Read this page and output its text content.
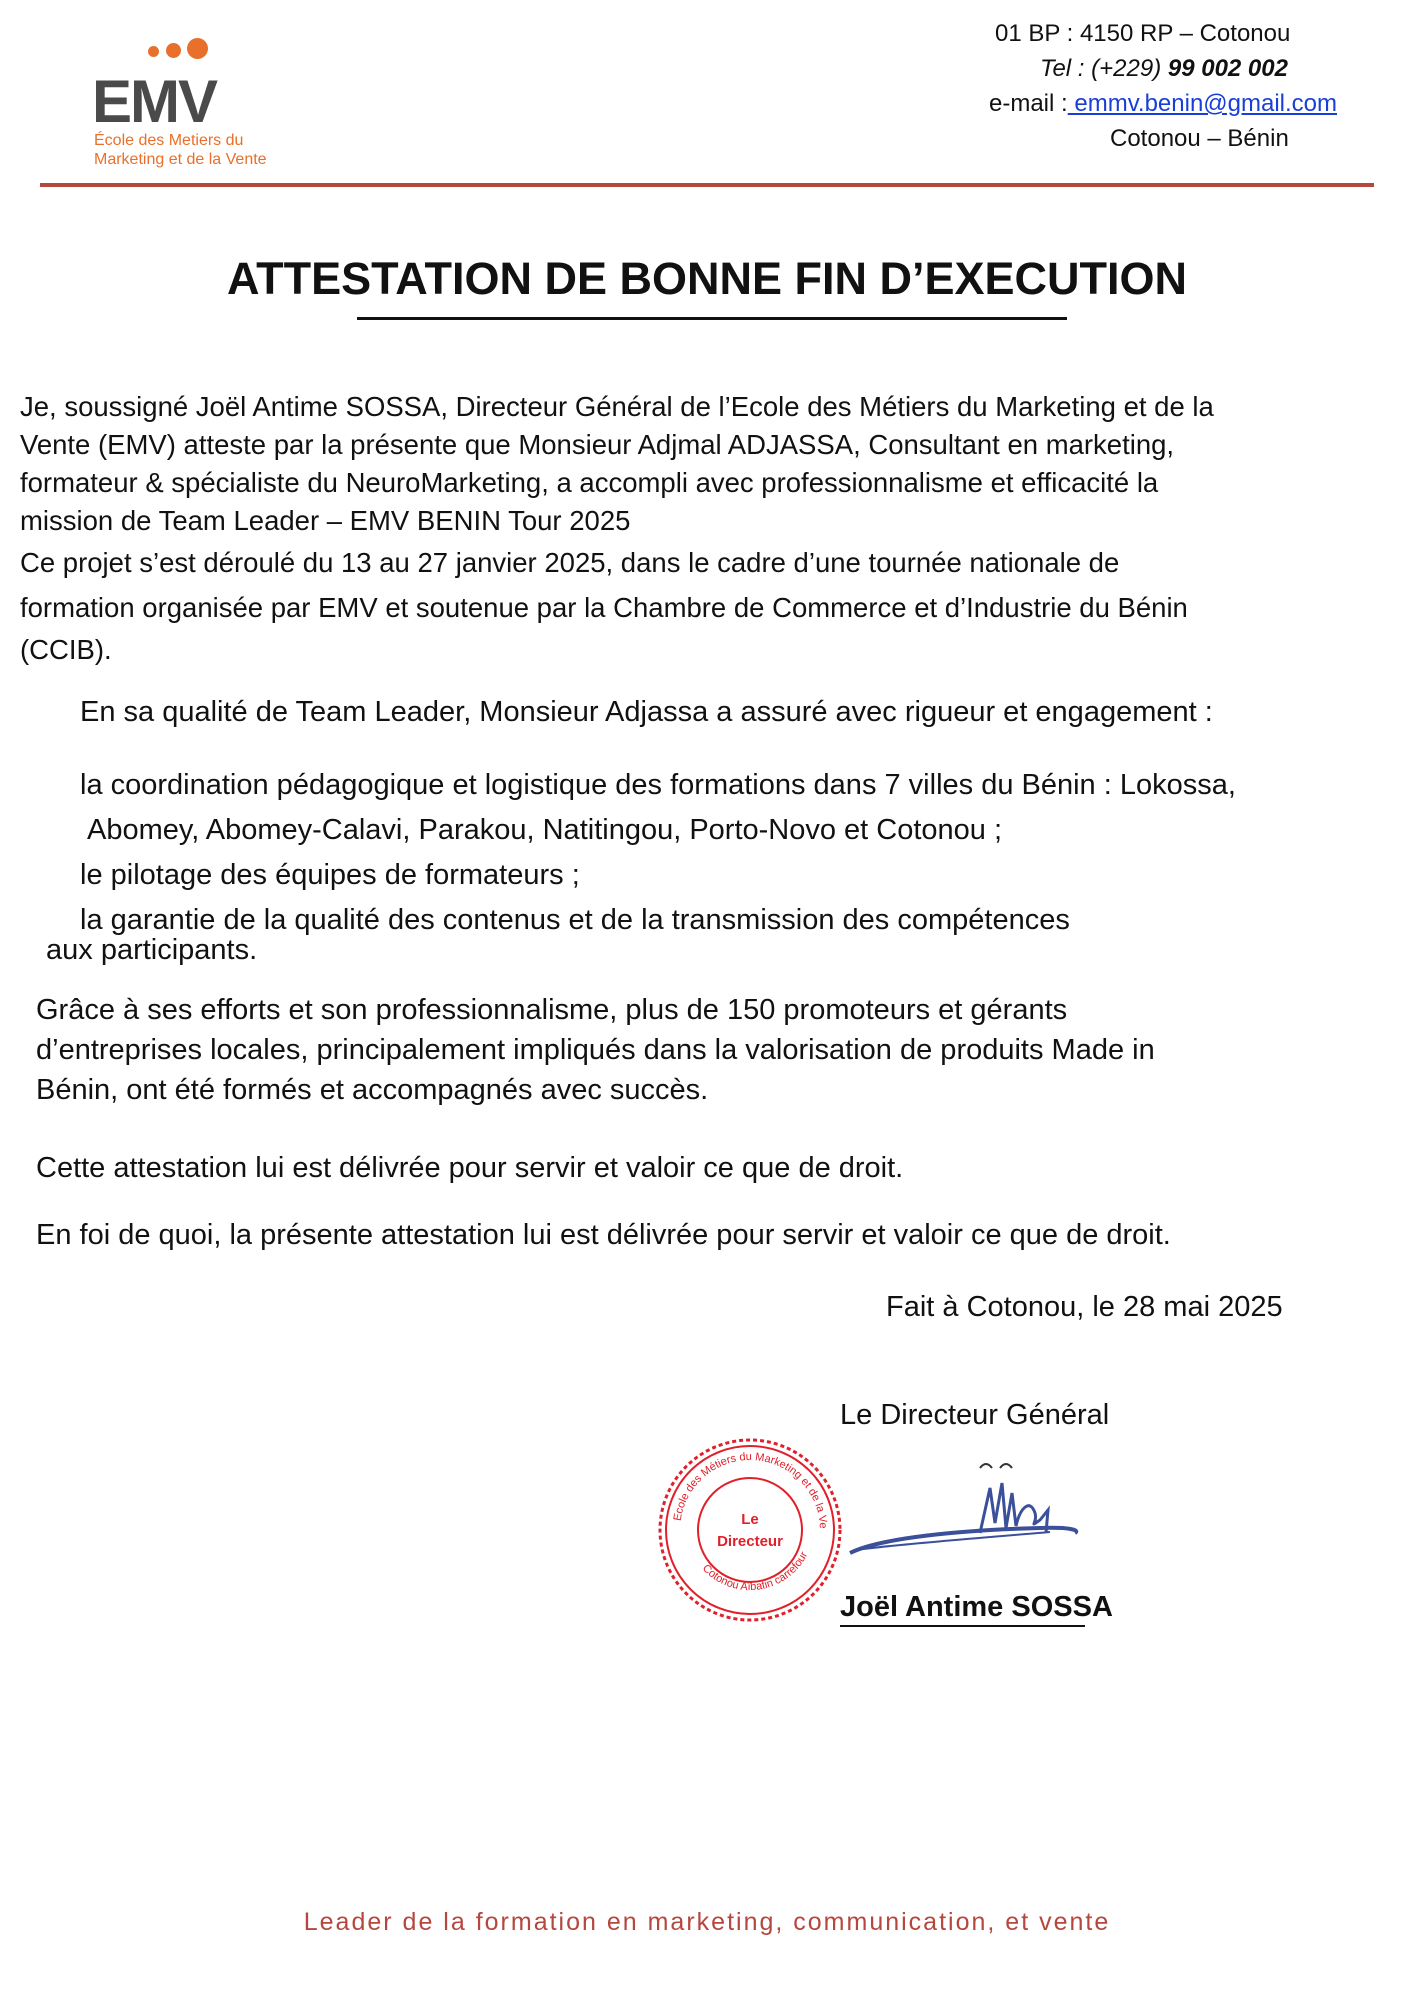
EMV
École des Metiers du
Marketing et de la Vente
01 BP : 4150 RP – Cotonou
Tel : (+229) 99 002 002
e-mail : emmv.benin@gmail.com
Cotonou – Bénin
ATTESTATION DE BONNE FIN D’EXECUTION
Je, soussigné Joël Antime SOSSA, Directeur Général de l’Ecole des Métiers du Marketing et de la
Vente (EMV) atteste par la présente que Monsieur Adjmal ADJASSA, Consultant en marketing,
formateur & spécialiste du NeuroMarketing, a accompli avec professionnalisme et efficacité la
mission de Team Leader – EMV BENIN Tour 2025
Ce projet s’est déroulé du 13 au 27 janvier 2025, dans le cadre d’une tournée nationale de
formation organisée par EMV et soutenue par la Chambre de Commerce et d’Industrie du Bénin
(CCIB).
En sa qualité de Team Leader, Monsieur Adjassa a assuré avec rigueur et engagement :
la coordination pédagogique et logistique des formations dans 7 villes du Bénin : Lokossa,
Abomey, Abomey-Calavi, Parakou, Natitingou, Porto-Novo et Cotonou ;
le pilotage des équipes de formateurs ;
la garantie de la qualité des contenus et de la transmission des compétences
aux participants.
Grâce à ses efforts et son professionnalisme, plus de 150 promoteurs et gérants
d’entreprises locales, principalement impliqués dans la valorisation de produits Made in
Bénin, ont été formés et accompagnés avec succès.
Cette attestation lui est délivrée pour servir et valoir ce que de droit.
En foi de quoi, la présente attestation lui est délivrée pour servir et valoir ce que de droit.
Fait à Cotonou, le 28 mai 2025
Le Directeur Général
Ecole des Métiers du Marketing et de la Ve
Cotonou Aïbatin carrefour
Le
Directeur
Joël Antime SOSSA
Leader de la formation en marketing, communication, et vente
